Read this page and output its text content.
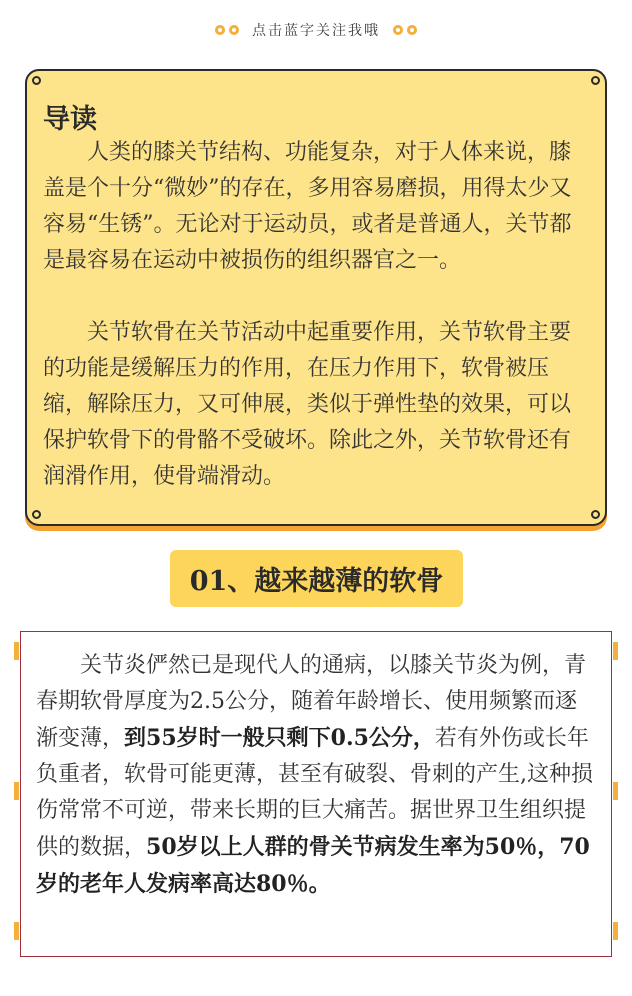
点击蓝字关注我哦
导读

人类的膝关节结构、功能复杂，对于人体来说，膝盖是个十分“微妙”的存在，多用容易磨损，用得太少又容易“生锈”。无论对于运动员，或者是普通人，关节都是最容易在运动中被损伤的组织器官之一。

关节软骨在关节活动中起重要作用，关节软骨主要的功能是缓解压力的作用，在压力作用下，软骨被压缩，解除压力，又可伸展，类似于弹性垫的效果，可以保护软骨下的骨骼不受破坏。除此之外，关节软骨还有润滑作用，使骨端滑动。

01、越来越薄的软骨

关节炎俨然已是现代人的通病，以膝关节炎为例，青春期软骨厚度为2.5公分，随着年龄增长、使用频繁而逐渐变薄，到55岁时一般只剩下0.5公分，若有外伤或长年负重者，软骨可能更薄，甚至有破裂、骨刺的产生,这种损伤常常不可逆，带来长期的巨大痛苦。据世界卫生组织提供的数据，50岁以上人群的骨关节病发生率为50％，70岁的老年人发病率高达80％。
